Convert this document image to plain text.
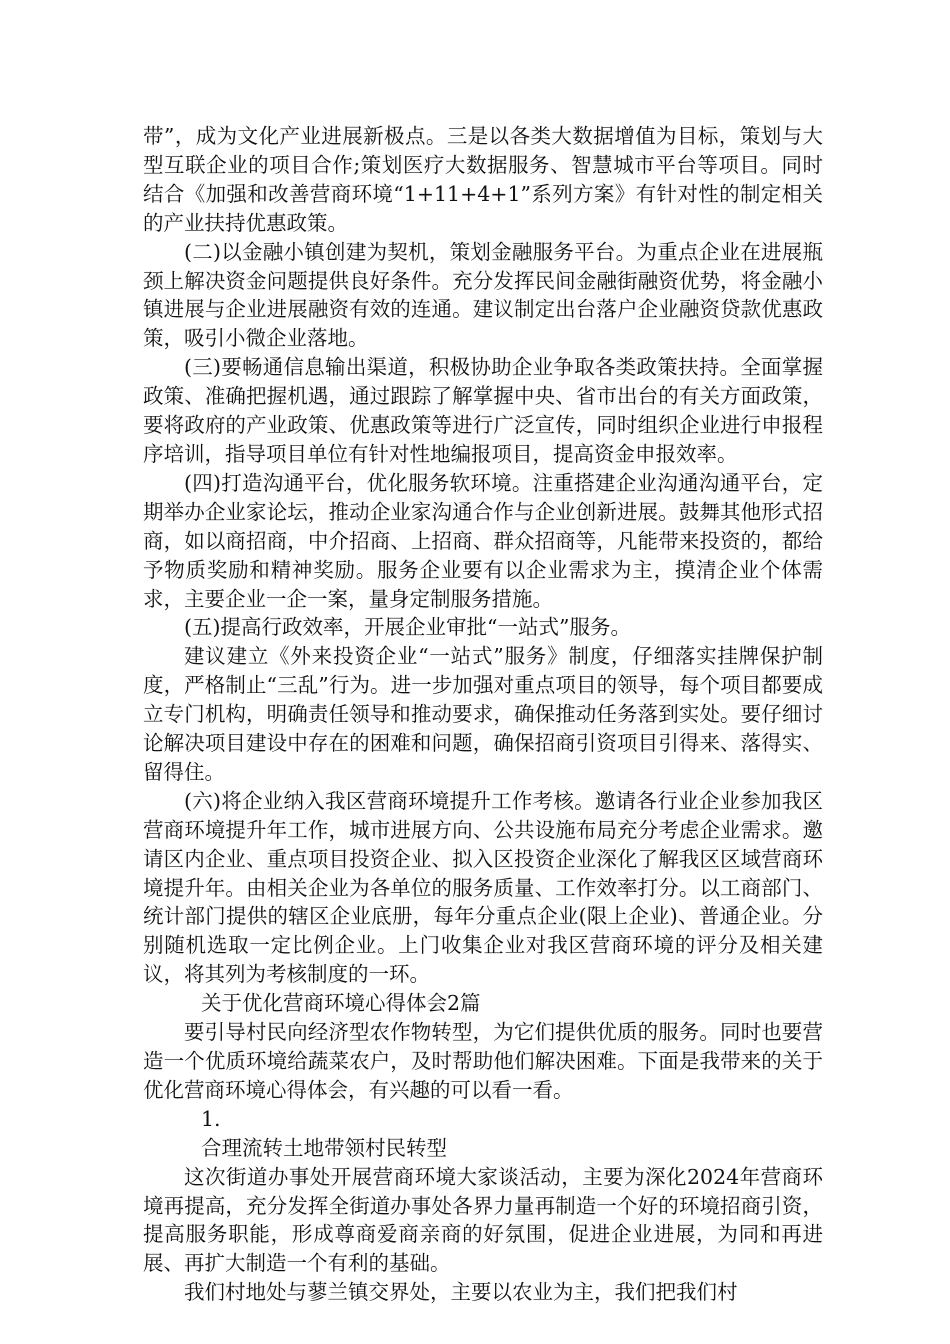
带”，成为文化产业进展新极点。三是以各类大数据增值为目标，策划与大型互联企业的项目合作;策划医疗大数据服务、智慧城市平台等项目。同时结合《加强和改善营商环境“1+11+4+1”系列方案》有针对性的制定相关的产业扶持优惠政策。

(二)以金融小镇创建为契机，策划金融服务平台。为重点企业在进展瓶颈上解决资金问题提供良好条件。充分发挥民间金融街融资优势，将金融小镇进展与企业进展融资有效的连通。建议制定出台落户企业融资贷款优惠政策，吸引小微企业落地。

(三)要畅通信息输出渠道，积极协助企业争取各类政策扶持。全面掌握政策、准确把握机遇，通过跟踪了解掌握中央、省市出台的有关方面政策，要将政府的产业政策、优惠政策等进行广泛宣传，同时组织企业进行申报程序培训，指导项目单位有针对性地编报项目，提高资金申报效率。

(四)打造沟通平台，优化服务软环境。注重搭建企业沟通沟通平台，定期举办企业家论坛，推动企业家沟通合作与企业创新进展。鼓舞其他形式招商，如以商招商，中介招商、上招商、群众招商等，凡能带来投资的，都给予物质奖励和精神奖励。服务企业要有以企业需求为主，摸清企业个体需求，主要企业一企一案，量身定制服务措施。

(五)提高行政效率，开展企业审批“一站式”服务。

建议建立《外来投资企业“一站式”服务》制度，仔细落实挂牌保护制度，严格制止“三乱”行为。进一步加强对重点项目的领导，每个项目都要成立专门机构，明确责任领导和推动要求，确保推动任务落到实处。要仔细讨论解决项目建设中存在的困难和问题，确保招商引资项目引得来、落得实、留得住。

(六)将企业纳入我区营商环境提升工作考核。邀请各行业企业参加我区营商环境提升年工作，城市进展方向、公共设施布局充分考虑企业需求。邀请区内企业、重点项目投资企业、拟入区投资企业深化了解我区区域营商环境提升年。由相关企业为各单位的服务质量、工作效率打分。以工商部门、统计部门提供的辖区企业底册，每年分重点企业(限上企业)、普通企业。分别随机选取一定比例企业。上门收集企业对我区营商环境的评分及相关建议，将其列为考核制度的一环。

关于优化营商环境心得体会2篇

要引导村民向经济型农作物转型，为它们提供优质的服务。同时也要营造一个优质环境给蔬菜农户，及时帮助他们解决困难。下面是我带来的关于优化营商环境心得体会，有兴趣的可以看一看。

1.

合理流转土地带领村民转型

这次街道办事处开展营商环境大家谈活动，主要为深化2024年营商环境再提高，充分发挥全街道办事处各界力量再制造一个好的环境招商引资，提高服务职能，形成尊商爱商亲商的好氛围，促进企业进展，为同和再进展、再扩大制造一个有利的基础。

我们村地处与蓼兰镇交界处，主要以农业为主，我们把我们村
